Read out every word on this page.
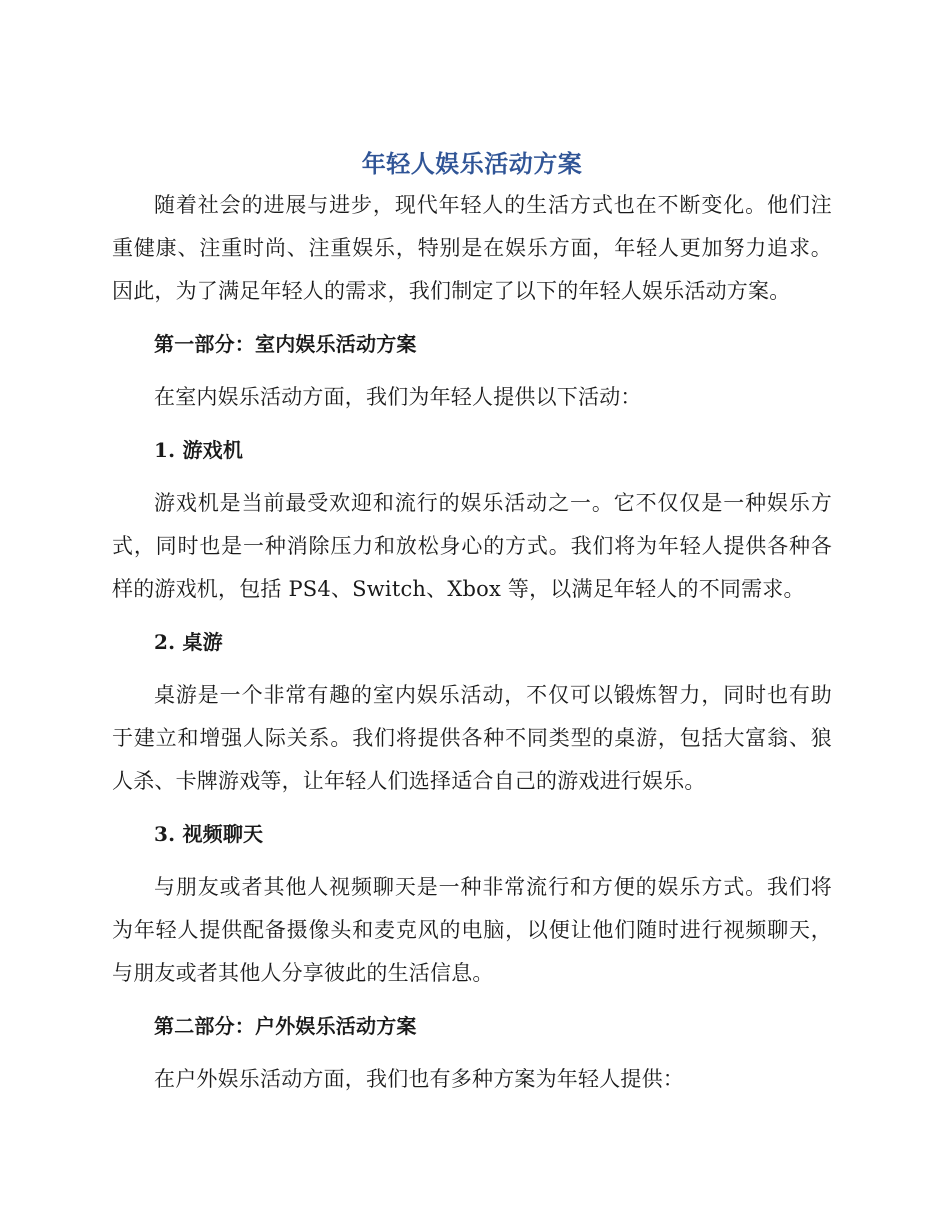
年轻人娱乐活动方案

随着社会的进展与进步，现代年轻人的生活方式也在不断变化。他们注重健康、注重时尚、注重娱乐，特别是在娱乐方面，年轻人更加努力追求。因此，为了满足年轻人的需求，我们制定了以下的年轻人娱乐活动方案。

第一部分：室内娱乐活动方案

在室内娱乐活动方面，我们为年轻人提供以下活动：

1. 游戏机

游戏机是当前最受欢迎和流行的娱乐活动之一。它不仅仅是一种娱乐方式，同时也是一种消除压力和放松身心的方式。我们将为年轻人提供各种各样的游戏机，包括 PS4、Switch、Xbox 等，以满足年轻人的不同需求。

2. 桌游

桌游是一个非常有趣的室内娱乐活动，不仅可以锻炼智力，同时也有助于建立和增强人际关系。我们将提供各种不同类型的桌游，包括大富翁、狼人杀、卡牌游戏等，让年轻人们选择适合自己的游戏进行娱乐。

3. 视频聊天

与朋友或者其他人视频聊天是一种非常流行和方便的娱乐方式。我们将为年轻人提供配备摄像头和麦克风的电脑，以便让他们随时进行视频聊天，与朋友或者其他人分享彼此的生活信息。

第二部分：户外娱乐活动方案

在户外娱乐活动方面，我们也有多种方案为年轻人提供：
